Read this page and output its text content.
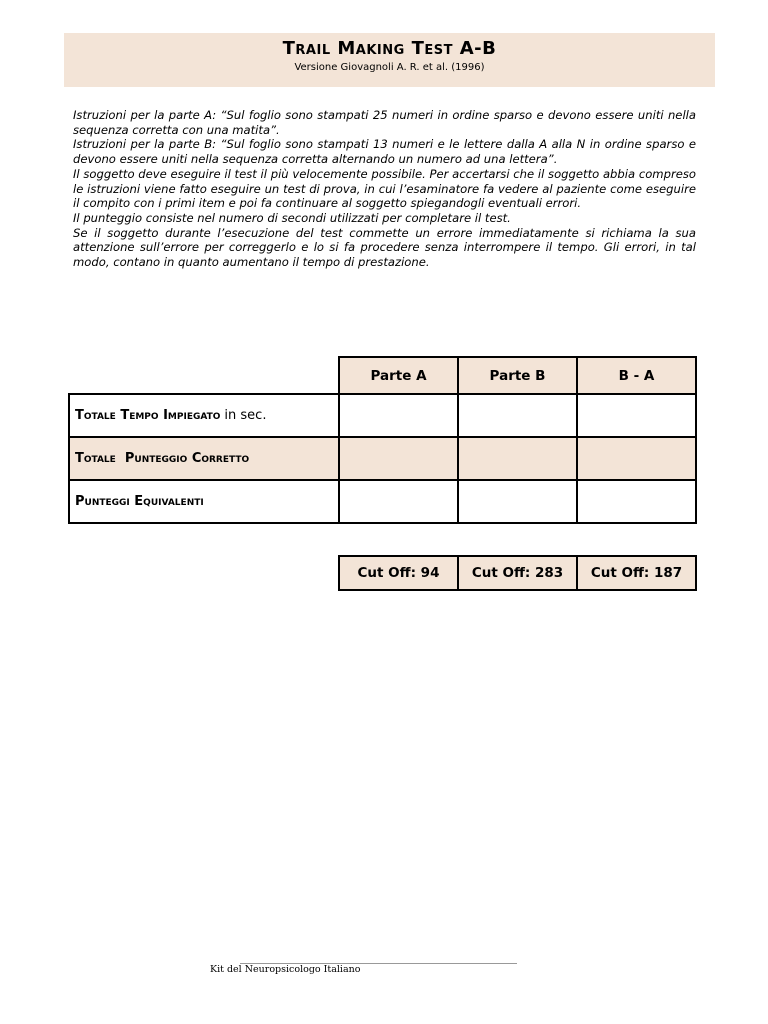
Trail Making Test A-B
Versione Giovagnoli A. R. et al. (1996)

Istruzioni per la parte A: “Sul foglio sono stampati 25 numeri in ordine sparso e devono essere uniti nella sequenza corretta con una matita”.

Istruzioni per la parte B: “Sul foglio sono stampati 13 numeri e le lettere dalla A alla N in ordine sparso e devono essere uniti nella sequenza corretta alternando un numero ad una lettera”.

Il soggetto deve eseguire il test il più velocemente possibile. Per accertarsi che il soggetto abbia compreso le istruzioni viene fatto eseguire un test di prova, in cui l’esaminatore fa vedere al paziente come eseguire il compito con i primi item e poi fa continuare al soggetto spiegandogli eventuali errori.

Il punteggio consiste nel numero di secondi utilizzati per completare il test.

Se il soggetto durante l’esecuzione del test commette un errore immediatamente si richiama la sua attenzione sull’errore per correggerlo e lo si fa procedere senza interrompere il tempo. Gli errori, in tal modo, contano in quanto aumentano il tempo di prestazione.

	Parte A	Parte B	B - A
Totale Tempo Impiegato in sec.			
Totale  Punteggio Corretto			
Punteggi Equivalenti			
Cut Off: 94	Cut Off: 283	Cut Off: 187
Kit del Neuropsicologo Italiano
